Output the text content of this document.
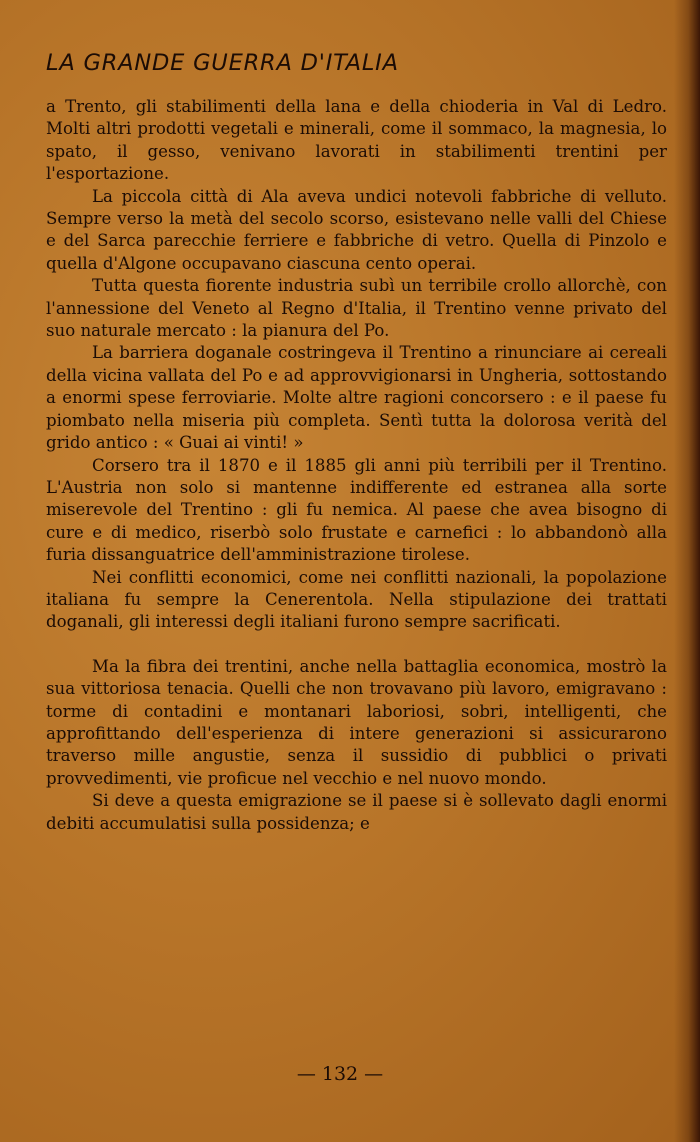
LA GRANDE GUERRA D'ITALIA

a Trento, gli stabilimenti della lana e della chioderia in Val di Ledro. Molti altri prodotti vegetali e minerali, come il sommaco, la magnesia, lo spato, il gesso, venivano lavorati in stabilimenti trentini per l'esportazione.

La piccola città di Ala aveva undici notevoli fabbriche di velluto. Sempre verso la metà del secolo scorso, esistevano nelle valli del Chiese e del Sarca parecchie ferriere e fabbriche di vetro. Quella di Pinzolo e quella d'Algone occupavano ciascuna cento operai.

Tutta questa fiorente industria subì un terribile crollo allorchè, con l'annessione del Veneto al Regno d'Italia, il Trentino venne privato del suo naturale mercato : la pianura del Po.

La barriera doganale costringeva il Trentino a rinunciare ai cereali della vicina vallata del Po e ad approvvigionarsi in Ungheria, sottostando a enormi spese ferroviarie. Molte altre ragioni concorsero : e il paese fu piombato nella miseria più completa. Sentì tutta la dolorosa verità del grido antico : « Guai ai vinti! »

Corsero tra il 1870 e il 1885 gli anni più terribili per il Trentino. L'Austria non solo si mantenne indifferente ed estranea alla sorte miserevole del Trentino : gli fu nemica. Al paese che avea bisogno di cure e di medico, riserbò solo frustate e carnefici : lo abbandonò alla furia dissanguatrice dell'amministrazione tirolese.

Nei conflitti economici, come nei conflitti nazionali, la popolazione italiana fu sempre la Cenerentola. Nella stipulazione dei trattati doganali, gli interessi degli italiani furono sempre sacrificati.

Ma la fibra dei trentini, anche nella battaglia economica, mostrò la sua vittoriosa tenacia. Quelli che non trovavano più lavoro, emigravano : torme di contadini e montanari laboriosi, sobri, intelligenti, che approfittando dell'esperienza di intere generazioni si assicurarono traverso mille angustie, senza il sussidio di pubblici o privati provvedimenti, vie proficue nel vecchio e nel nuovo mondo.

Si deve a questa emigrazione se il paese si è sollevato dagli enormi debiti accumulatisi sulla possidenza; e

— 132 —
